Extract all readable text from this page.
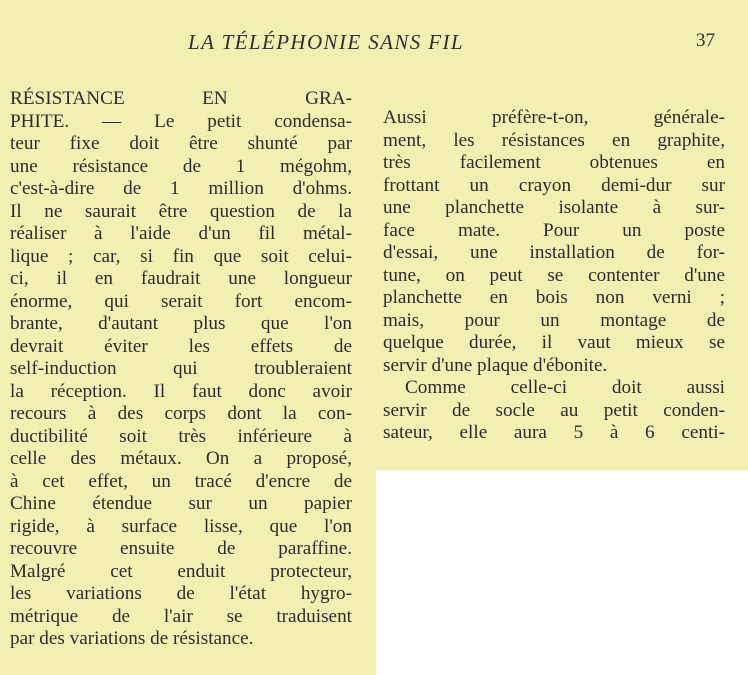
LA TÉLÉPHONIE SANS FIL	37
RÉSISTANCE EN GRA-
PHITE. — Le petit condensa-
teur fixe doit être shunté par
une résistance de 1 mégohm,
c'est-à-dire de 1 million d'ohms.
Il ne saurait être question de la
réaliser à l'aide d'un fil métal-
lique ; car, si fin que soit celui-
ci, il en faudrait une longueur
énorme, qui serait fort encom-
brante, d'autant plus que l'on
devrait éviter les effets de
self-induction qui troubleraient
la réception. Il faut donc avoir
recours à des corps dont la con-
ductibilité soit très inférieure à
celle des métaux. On a proposé,
à cet effet, un tracé d'encre de
Chine étendue sur un papier
rigide, à surface lisse, que l'on
recouvre ensuite de paraffine.
Malgré cet enduit protecteur,
les variations de l'état hygro-
métrique de l'air se traduisent
par des variations de résistance.
Aussi préfère-t-on, générale-
ment, les résistances en graphite,
très facilement obtenues en
frottant un crayon demi-dur sur
une planchette isolante à sur-
face mate. Pour un poste
d'essai, une installation de for-
tune, on peut se contenter d'une
planchette en bois non verni ;
mais, pour un montage de
quelque durée, il vaut mieux se
servir d'une plaque d'ébonite.
Comme celle-ci doit aussi
servir de socle au petit conden-
sateur, elle aura 5 à 6 centi-
